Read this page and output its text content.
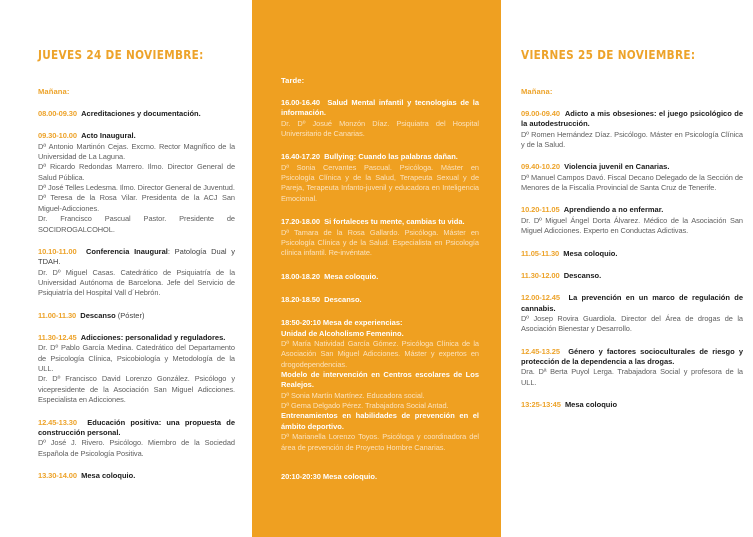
JUEVES 24 DE NOVIEMBRE:
Mañana:

08.00-09.30 Acreditaciones y documentación.

09.30-10.00 Acto Inaugural.

Dª Antonio Martinón Cejas. Excmo. Rector Magnífico de la Universidad de La Laguna.
Dª Ricardo Redondas Marrero. Ilmo. Director General de Salud Pública.
Dª José Telles Ledesma. Ilmo. Director General de Juventud.
Dª Teresa de la Rosa Vilar. Presidenta de la ACJ San Miguel-Adicciones.
Dr. Francisco Pascual Pastor. Presidente de SOCIDROGALCOHOL.

10.10-11.00 Conferencia Inaugural: Patología Dual y TDAH.

Dr. Dº Miguel Casas. Catedrático de Psiquiatría de la Universidad Autónoma de Barcelona. Jefe del Servicio de Psiquiatría del Hospital Vall d´Hebrón.

11.00-11.30 Descanso (Póster)

11.30-12.45 Adicciones: personalidad y reguladores.

Dr. Dº Pablo García Medina. Catedrático del Departamento de Psicología Clínica, Psicobiología y Metodología de la ULL.
Dr. Dº Francisco David Lorenzo González. Psicólogo y vicepresidente de la Asociación San Miguel Adicciones. Especialista en Adicciones.

12.45-13.30 Educación positiva: una propuesta de construcción personal.

Dº José J. Rivero. Psicólogo. Miembro de la Sociedad Española de Psicología Positiva.

13.30-14.00 Mesa coloquio.

Tarde:

16.00-16.40 Salud Mental infantil y tecnologías de la información.

Dr. Dº Josué Monzón Díaz. Psiquiatra del Hospital Universitario de Canarias.

16.40-17.20 Bullying: Cuando las palabras dañan.

Dª Sonia Cervantes Pascual. Psicóloga. Máster en Psicología Clínica y de la Salud, Terapeuta Sexual y de Pareja, Terapeuta Infanto-juvenil y educadora en Inteligencia Emocional.

17.20-18.00 Si fortaleces tu mente, cambias tu vida.

Dª Tamara de la Rosa Gallardo. Psicóloga. Máster en Psicología Clínica y de la Salud. Especialista en Psicología clínica infantil. Re-invéntate.

18.00-18.20 Mesa coloquio.

18.20-18.50 Descanso.

18:50-20:10 Mesa de experiencias:

Unidad de Alcoholismo Femenino.

Dª María Natividad García Gómez. Psicóloga Clínica de la Asociación San Miguel Adicciones. Máster y expertos en drogodependencias.

Modelo de intervención en Centros escolares de Los Realejos.

Dª Sonia Martín Martínez. Educadora social.
Dª Gema Delgado Pérez. Trabajadora Social Antad.

Entrenamientos en habilidades de prevención en el ámbito deportivo.

Dª Marianella Lorenzo Toyos. Psicóloga y coordinadora del área de prevención de Proyecto Hombre Canarias.

20:10-20:30 Mesa coloquio.

VIERNES 25 DE NOVIEMBRE:
Mañana:

09.00-09.40 Adicto a mis obsesiones: el juego psicológico de la autodestrucción.

Dº Romen Hernández Díaz. Psicólogo. Máster en Psicología Clínica y de la Salud.

09.40-10.20 Violencia juvenil en Canarias.

Dª Manuel Campos Davó. Fiscal Decano Delegado de la Sección de Menores de la Fiscalía Provincial de Santa Cruz de Tenerife.

10.20-11.05 Aprendiendo a no enfermar.

Dr. Dº Miguel Ángel Dorta Álvarez. Médico de la Asociación San Miguel Adicciones. Experto en Conductas Adictivas.

11.05-11.30 Mesa coloquio.

11.30-12.00 Descanso.

12.00-12.45 La prevención en un marco de regulación de cannabis.

Dº Josep Rovira Guardiola. Director del Área de drogas de la Asociación Bienestar y Desarrollo.

12.45-13.25 Género y factores socioculturales de riesgo y protección de la dependencia a las drogas.

Dra. Dª Berta Puyol Lerga. Trabajadora Social y profesora de la ULL.

13:25-13:45 Mesa coloquio
